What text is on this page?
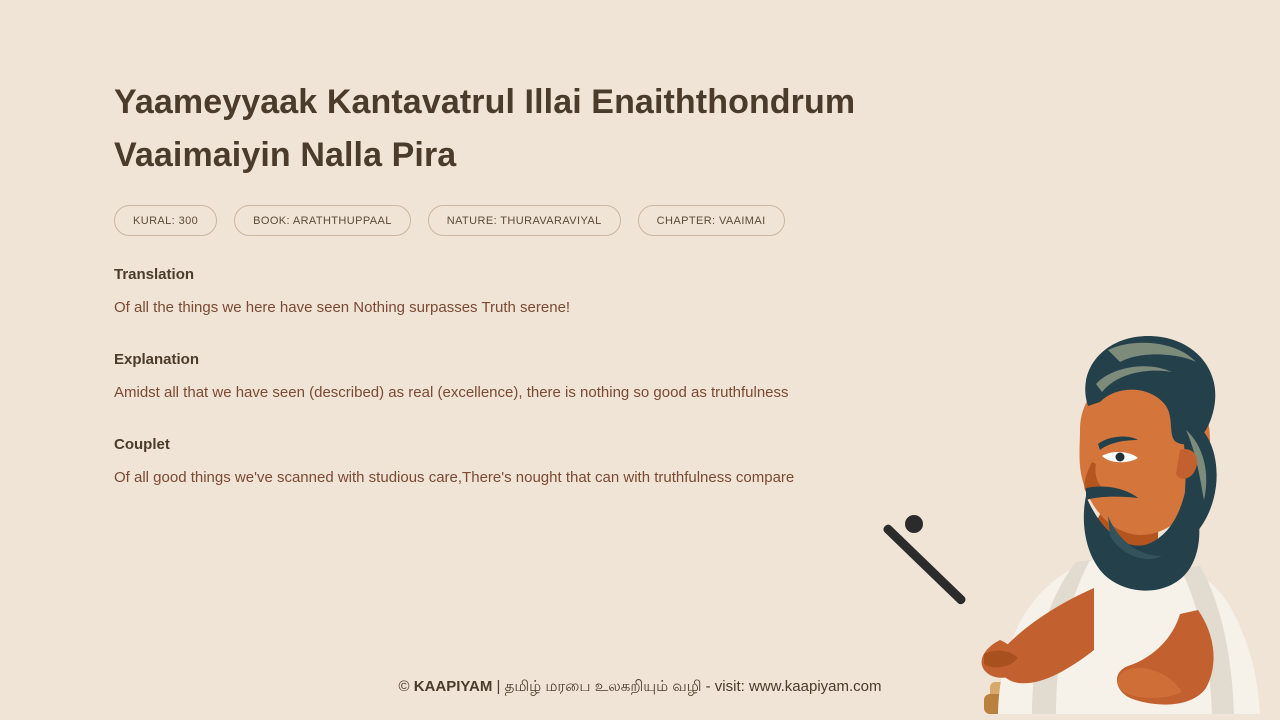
Yaameyyaak Kantavatrul Illai Enaiththondrum Vaaimaiyin Nalla Pira
KURAL: 300	BOOK: ARATHTHUPPAAL	NATURE: THURAVARAVIYAL	CHAPTER: VAAIMAI
Translation
Of all the things we here have seen Nothing surpasses Truth serene!
Explanation
Amidst all that we have seen (described) as real (excellence), there is nothing so good as truthfulness
Couplet
Of all good things we've scanned with studious care,There's nought that can with truthfulness compare
© KAAPIYAM | தமிழ் மரபை உலகறியும் வழி - visit: www.kaapiyam.com
